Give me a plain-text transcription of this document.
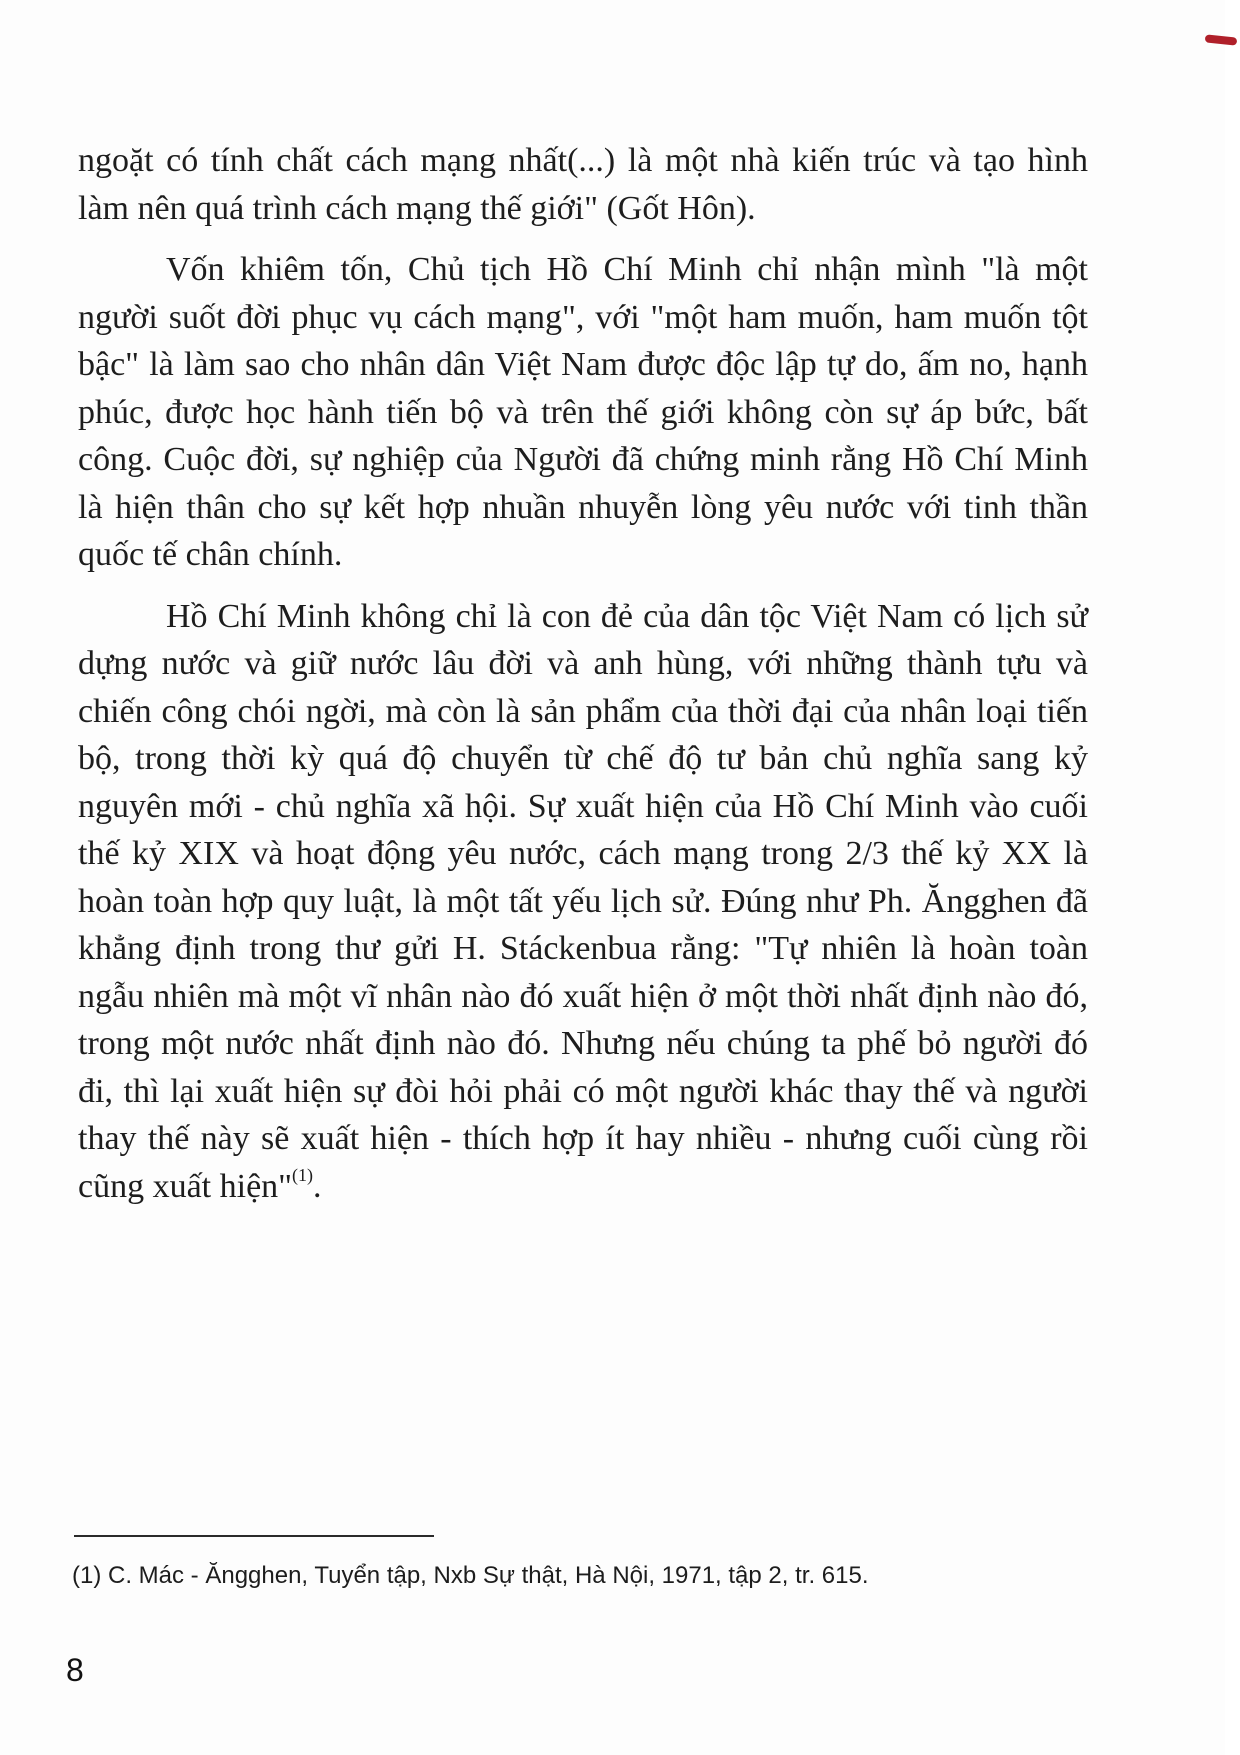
ngoặt có tính chất cách mạng nhất(...) là một nhà kiến trúc và tạo hình làm nên quá trình cách mạng thế giới" (Gốt Hôn).

Vốn khiêm tốn, Chủ tịch Hồ Chí Minh chỉ nhận mình "là một người suốt đời phục vụ cách mạng", với "một ham muốn, ham muốn tột bậc" là làm sao cho nhân dân Việt Nam được độc lập tự do, ấm no, hạnh phúc, được học hành tiến bộ và trên thế giới không còn sự áp bức, bất công. Cuộc đời, sự nghiệp của Người đã chứng minh rằng Hồ Chí Minh là hiện thân cho sự kết hợp nhuần nhuyễn lòng yêu nước với tinh thần quốc tế chân chính.

Hồ Chí Minh không chỉ là con đẻ của dân tộc Việt Nam có lịch sử dựng nước và giữ nước lâu đời và anh hùng, với những thành tựu và chiến công chói ngời, mà còn là sản phẩm của thời đại của nhân loại tiến bộ, trong thời kỳ quá độ chuyển từ chế độ tư bản chủ nghĩa sang kỷ nguyên mới - chủ nghĩa xã hội. Sự xuất hiện của Hồ Chí Minh vào cuối thế kỷ XIX và hoạt động yêu nước, cách mạng trong 2/3 thế kỷ XX là hoàn toàn hợp quy luật, là một tất yếu lịch sử. Đúng như Ph. Ăngghen đã khẳng định trong thư gửi H. Stáckenbua rằng: "Tự nhiên là hoàn toàn ngẫu nhiên mà một vĩ nhân nào đó xuất hiện ở một thời nhất định nào đó, trong một nước nhất định nào đó. Nhưng nếu chúng ta phế bỏ người đó đi, thì lại xuất hiện sự đòi hỏi phải có một người khác thay thế và người thay thế này sẽ xuất hiện - thích hợp ít hay nhiều - nhưng cuối cùng rồi cũng xuất hiện"$^{(1)}$.

(1) C. Mác - Ăngghen, Tuyển tập, Nxb Sự thật, Hà Nội, 1971, tập 2, tr. 615.
8
